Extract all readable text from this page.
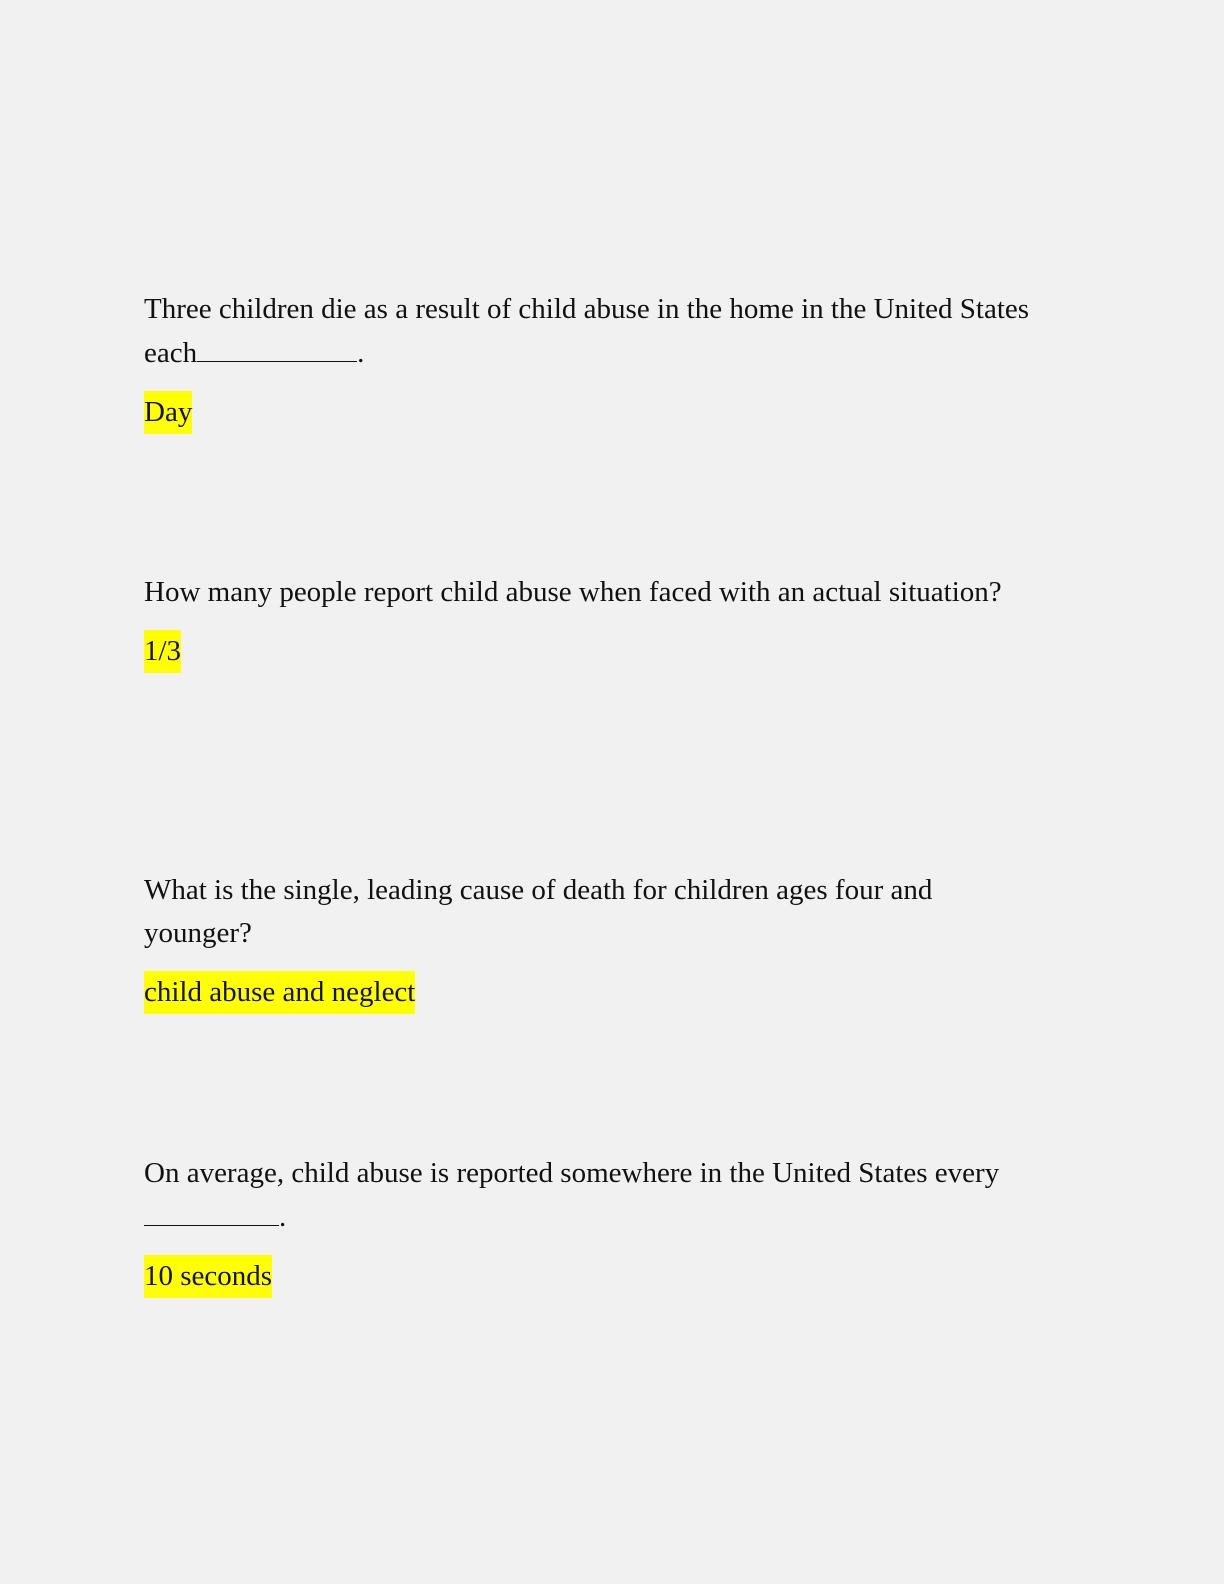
Three children die as a result of child abuse in the home in the United States each	.

Day

How many people report child abuse when faced with an actual situation?

1/3

What is the single, leading cause of death for children ages four and younger?

child abuse and neglect

On average, child abuse is reported somewhere in the United States every
.

10 seconds
